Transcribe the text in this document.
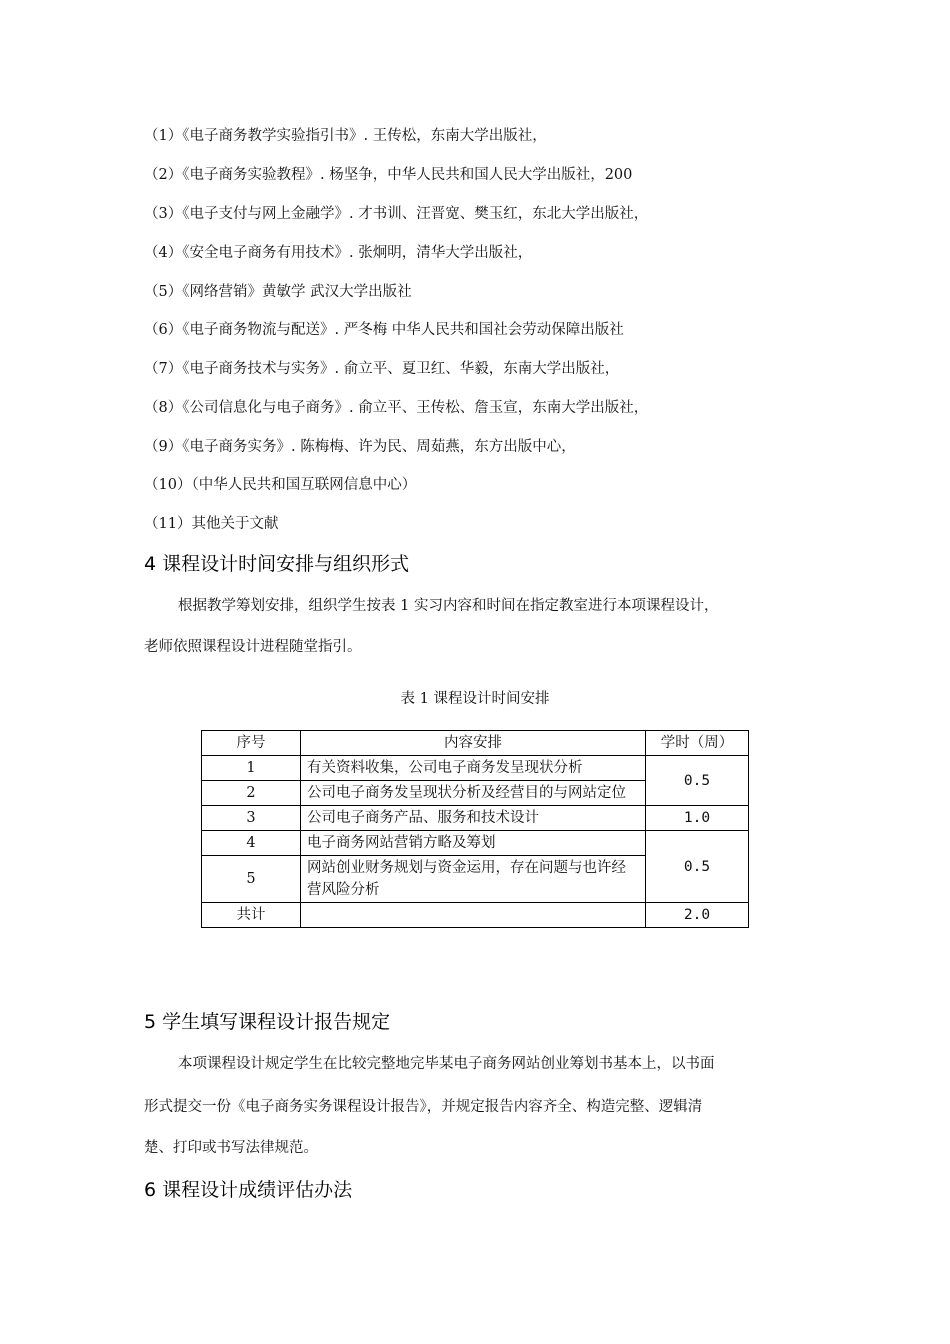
（1）《电子商务教学实验指引书》. 王传松，东南大学出版社，
（2）《电子商务实验教程》. 杨坚争，中华人民共和国人民大学出版社，200
（3）《电子支付与网上金融学》. 才书训、汪晋宽、樊玉红，东北大学出版社，
（4）《安全电子商务有用技术》. 张炯明，清华大学出版社，
（5）《网络营销》黄敏学 武汉大学出版社
（6）《电子商务物流与配送》. 严冬梅 中华人民共和国社会劳动保障出版社
（7）《电子商务技术与实务》. 俞立平、夏卫红、华毅，东南大学出版社，
（8）《公司信息化与电子商务》. 俞立平、王传松、詹玉宣，东南大学出版社，
（9）《电子商务实务》. 陈梅梅、许为民、周茹燕，东方出版中心，
（10）（中华人民共和国互联网信息中心）
（11）其他关于文献
4 课程设计时间安排与组织形式
根据教学筹划安排，组织学生按表 1 实习内容和时间在指定教室进行本项课程设计，
老师依照课程设计进程随堂指引。
表 1 课程设计时间安排
序号	内容安排	学时（周）
1	有关资料收集，公司电子商务发呈现状分析	0.5
2	公司电子商务发呈现状分析及经营目的与网站定位	
3	公司电子商务产品、服务和技术设计	1.0
4	电子商务网站营销方略及筹划	0.5
5	网站创业财务规划与资金运用，存在问题与也许经营风险分析	
共计		2.0
5 学生填写课程设计报告规定
本项课程设计规定学生在比较完整地完毕某电子商务网站创业筹划书基本上，以书面
形式提交一份《电子商务实务课程设计报告》，并规定报告内容齐全、构造完整、逻辑清
楚、打印或书写法律规范。
6 课程设计成绩评估办法
